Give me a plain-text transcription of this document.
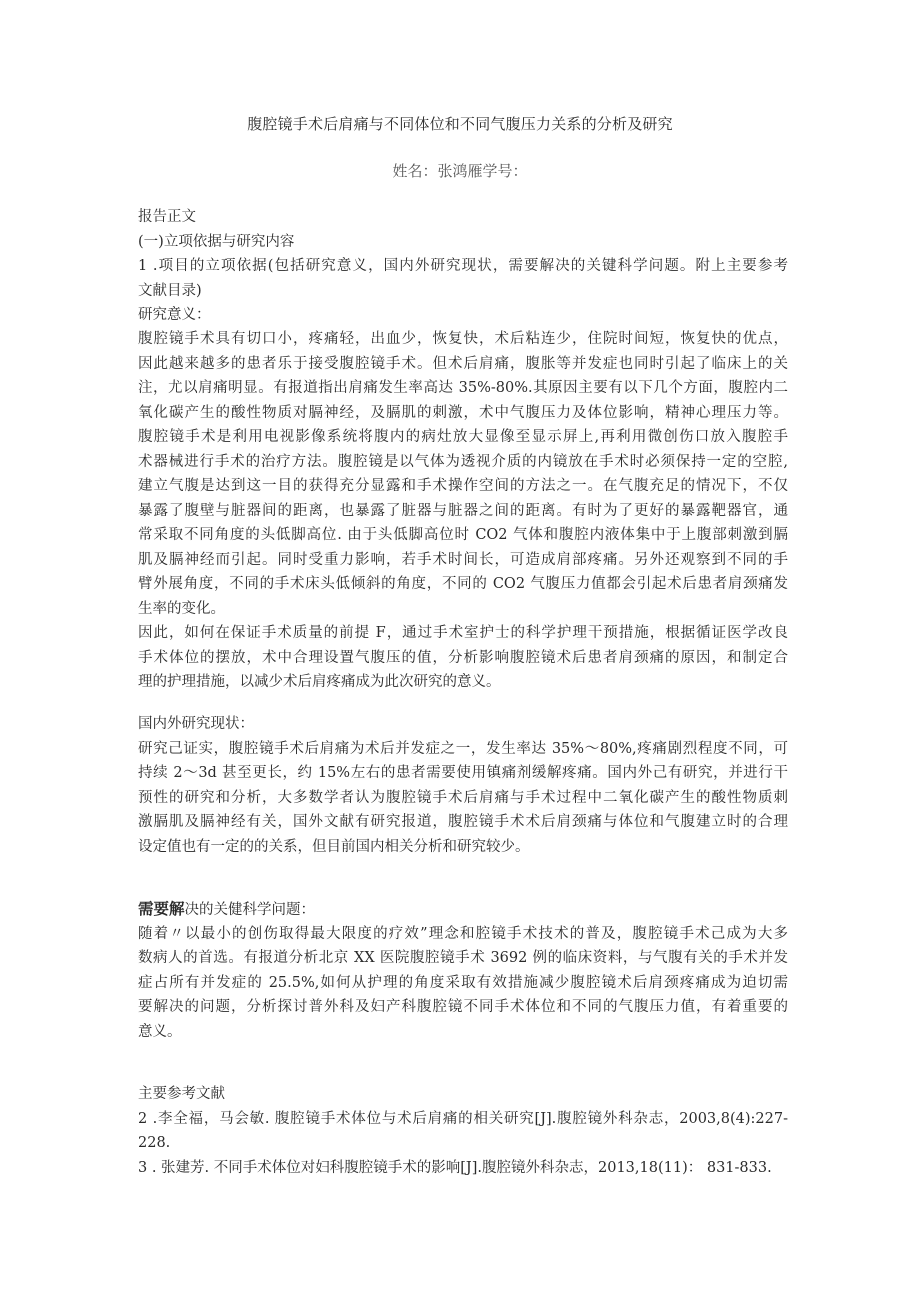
腹腔镜手术后肩痛与不同体位和不同气腹压力关系的分析及研究
姓名：张鸿雁学号：
报告正文
(一)立项依据与研究内容
1 .项目的立项依据(包括研究意义，国内外研究现状，需要解决的关键科学问题。附上主要参考
文献目录)
研究意义：
腹腔镜手术具有切口小，疼痛轻，出血少，恢复快，术后粘连少，住院时间短，恢复快的优点，
因此越来越多的患者乐于接受腹腔镜手术。但术后肩痛，腹胀等并发症也同时引起了临床上的关
注，尤以肩痛明显。有报道指出肩痛发生率高达 35%-80%.其原因主要有以下几个方面，腹腔内二
氧化碳产生的酸性物质对膈神经，及膈肌的刺激，术中气腹压力及体位影响，精神心理压力等。
腹腔镜手术是利用电视影像系统将腹内的病灶放大显像至显示屏上,再利用微创伤口放入腹腔手
术器械进行手术的治疗方法。腹腔镜是以气体为透视介质的内镜放在手术时必须保持一定的空腔,
建立气腹是达到这一目的获得充分显露和手术操作空间的方法之一。在气腹充足的情况下，不仅
暴露了腹壁与脏器间的距离，也暴露了脏器与脏器之间的距离。有时为了更好的暴露靶器官，通
常采取不同角度的头低脚高位. 由于头低脚高位时 CO2 气体和腹腔内液体集中于上腹部刺激到膈
肌及膈神经而引起。同时受重力影响，若手术时间长，可造成肩部疼痛。另外还观察到不同的手
臂外展角度，不同的手术床头低倾斜的角度，不同的 CO2 气腹压力值都会引起术后患者肩颈痛发
生率的变化。
因此，如何在保证手术质量的前提 F，通过手术室护士的科学护理干预措施，根据循证医学改良
手术体位的摆放，术中合理设置气腹压的值，分析影响腹腔镜术后患者肩颈痛的原因，和制定合
理的护理措施，以减少术后肩疼痛成为此次研究的意义。
国内外研究现状：
研究己证实，腹腔镜手术后肩痛为术后并发症之一，发生率达 35%～80%,疼痛剧烈程度不同，可
持续 2～3d 甚至更长，约 15%左右的患者需要使用镇痛剂缓解疼痛。国内外己有研究，并进行干
预性的研究和分析，大多数学者认为腹腔镜手术后肩痛与手术过程中二氧化碳产生的酸性物质刺
激膈肌及膈神经有关，国外文献有研究报道，腹腔镜手术术后肩颈痛与体位和气腹建立时的合理
设定值也有一定的的关系，但目前国内相关分析和研究较少。
需要解决的关健科学问题：
随着〃以最小的创伤取得最大限度的疗效”理念和腔镜手术技术的普及，腹腔镜手术己成为大多
数病人的首选。有报道分析北京 XX 医院腹腔镜手术 3692 例的临床资料，与气腹有关的手术并发
症占所有并发症的 25.5%,如何从护理的角度采取有效措施减少腹腔镜术后肩颈疼痛成为迫切需
要解决的问题，分析探讨普外科及妇产科腹腔镜不同手术体位和不同的气腹压力值，有着重要的
意义。
主要参考文献
2 .李全福，马会敏. 腹腔镜手术体位与术后肩痛的相关研究[J].腹腔镜外科杂志，2003,8(4):227-
228.
3 . 张建芳. 不同手术体位对妇科腹腔镜手术的影响[J].腹腔镜外科杂志，2013,18(11)： 831-833.
